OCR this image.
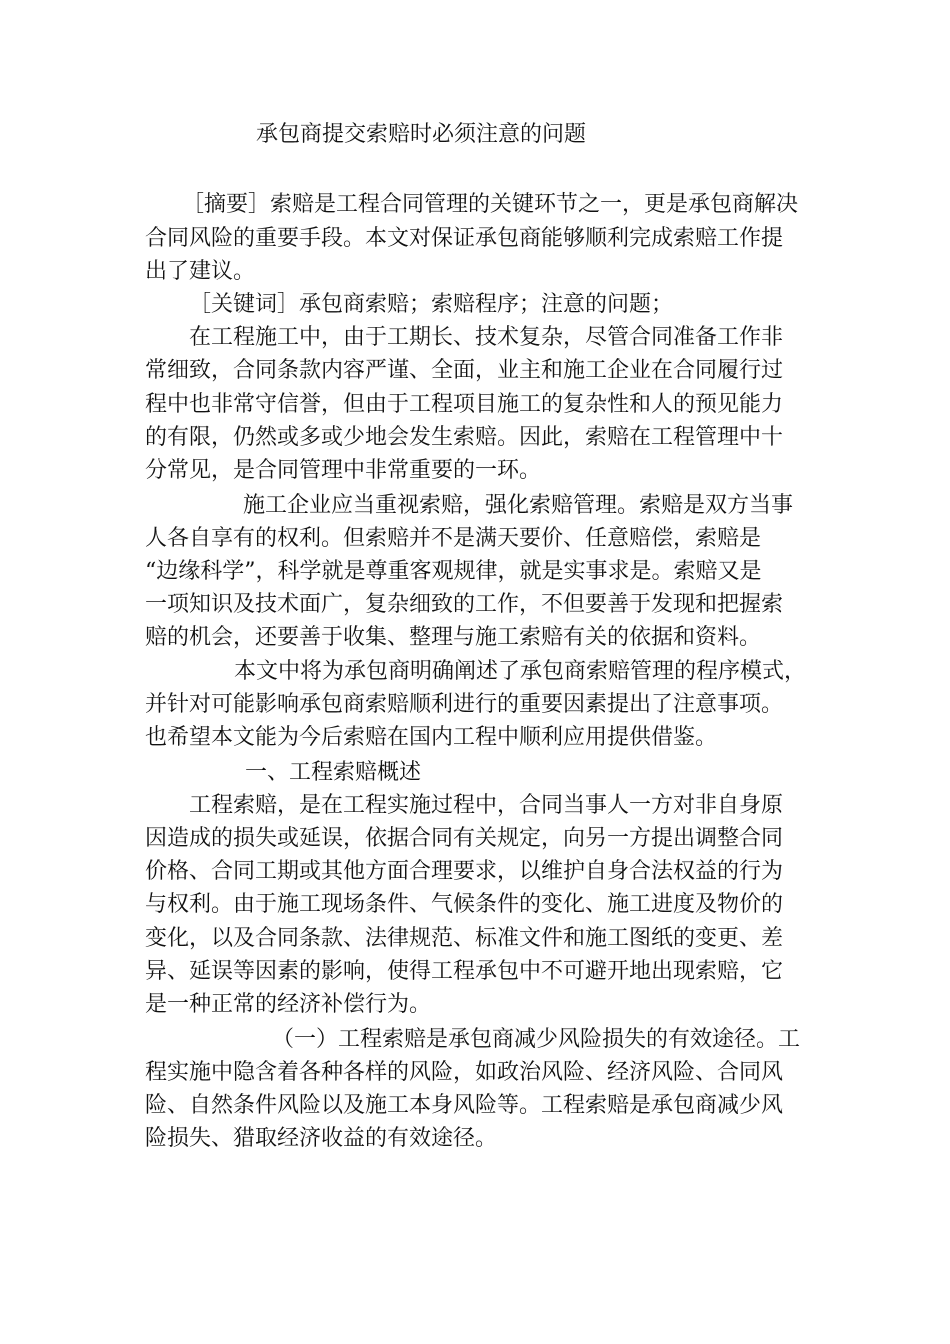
承包商提交索赔时必须注意的问题
［摘要］索赔是工程合同管理的关键环节之一，更是承包商解决
合同风险的重要手段。本文对保证承包商能够顺利完成索赔工作提
出了建议。
［关键词］承包商索赔；索赔程序；注意的问题；
在工程施工中，由于工期长、技术复杂，尽管合同准备工作非
常细致，合同条款内容严谨、全面，业主和施工企业在合同履行过
程中也非常守信誉，但由于工程项目施工的复杂性和人的预见能力
的有限，仍然或多或少地会发生索赔。因此，索赔在工程管理中十
分常见，是合同管理中非常重要的一环。
施工企业应当重视索赔，强化索赔管理。索赔是双方当事
人各自享有的权利。但索赔并不是满天要价、任意赔偿，索赔是
“边缘科学”，科学就是尊重客观规律，就是实事求是。索赔又是
一项知识及技术面广，复杂细致的工作，不但要善于发现和把握索
赔的机会，还要善于收集、整理与施工索赔有关的依据和资料。
本文中将为承包商明确阐述了承包商索赔管理的程序模式，
并针对可能影响承包商索赔顺利进行的重要因素提出了注意事项。
也希望本文能为今后索赔在国内工程中顺利应用提供借鉴。
一、工程索赔概述
工程索赔，是在工程实施过程中，合同当事人一方对非自身原
因造成的损失或延误，依据合同有关规定，向另一方提出调整合同
价格、合同工期或其他方面合理要求，以维护自身合法权益的行为
与权利。由于施工现场条件、气候条件的变化、施工进度及物价的
变化，以及合同条款、法律规范、标准文件和施工图纸的变更、差
异、延误等因素的影响，使得工程承包中不可避开地出现索赔，它
是一种正常的经济补偿行为。
（一）工程索赔是承包商减少风险损失的有效途径。工
程实施中隐含着各种各样的风险，如政治风险、经济风险、合同风
险、自然条件风险以及施工本身风险等。工程索赔是承包商减少风
险损失、猎取经济收益的有效途径。
